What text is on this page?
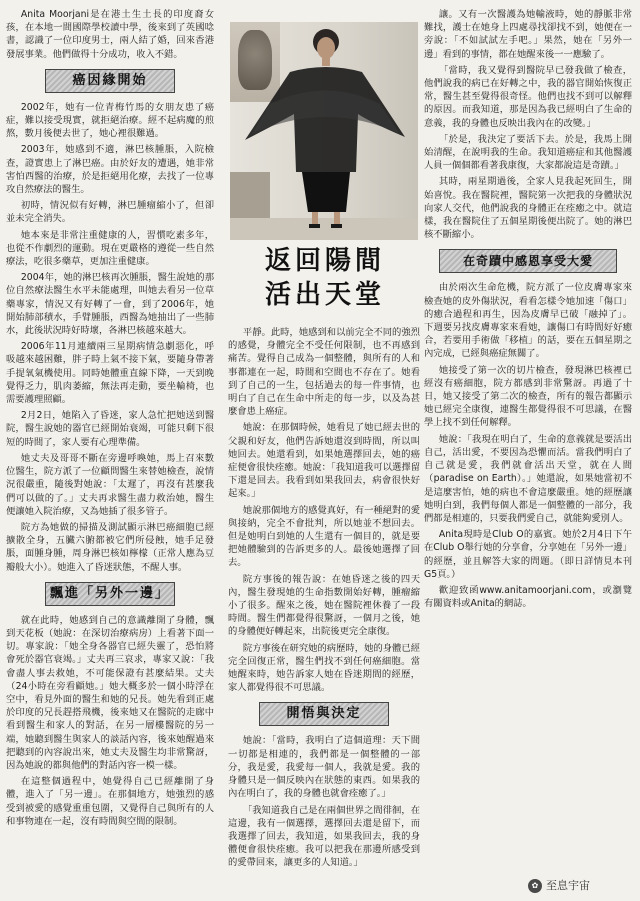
Anita Moorjani是在港土生土長的印度裔女孩，在本地一間國際學校讀中學，後來到了英國唸書，認識了一位印度男士，兩人結了婚，回來香港發展事業。他們做得十分成功，收入不錯。

癌因緣開始

2002年，她有一位青梅竹馬的女朋友患了癌症，難以接受現實，就拒絕治療。經不起病魔的煎熬，數月後便去世了，她心裡很難過。

2003年，她感到不適，淋巴核腫脹，入院檢查，證實患上了淋巴癌。由於好友的遭遇，她非常害怕西醫的治療，於是拒絕用化療，去找了一位專攻自然療法的醫生。

初時，情況似有好轉，淋巴腫瘤縮小了，但卻並未完全消失。

她本來是非常注重健康的人，習慣吃素多年，也從不作劇烈的運動。現在更嚴格的遵從一些自然療法，吃很多藥草，更加注重健康。

2004年，她的淋巴核再次腫脹，醫生說她的那位自然療法醫生水平未能處理，叫她去看另一位草藥專家，情況又有好轉了一會，到了2006年，她開始肺部積水，手臂腫脹，西醫為她抽出了一些肺水，此後狀況時好時壞，各淋巴核越來越大。

2006年11月連續兩三星期病情急劇惡化，呼吸越來越困難，胖子時上氣不接下氣，要隨身帶著手提氧氣機使用。同時她體重直線下降，一天到晚覺得乏力，肌肉萎縮，無法再走動，要坐輪椅，也需要護理照顧。

2月2日，她陷入了昏迷，家人急忙把她送到醫院，醫生說她的器官已經開始衰竭，可能只剩下很短的時間了，家人要有心理準備。

她丈夫及哥哥不斷在旁邊呼喚她，馬上召來數位醫生，院方派了一位顧問醫生來替她檢查，說情況很嚴重，隨後對她說：「太遲了，再沒有甚麼我們可以做的了。」丈夫再求醫生盡力救治她，醫生便讓她入院治療，又為她插了很多管子。

院方為她做的掃描及測試顯示淋巴癌細胞已經擴散全身，五臟六腑都被它們所侵蝕，她手足發脹，面腫身腫，周身淋巴核如檸檬（正常人應為豆瓣般大小）。她進入了昏迷狀態，不醒人事。

飄進「另外一邊」

就在此時，她感到自己的意識離開了身體，飄到天花板（她說：在深切治療病房）上看著下面一切。專家說：「她全身各器官已經失靈了，恐怕將會死於器官衰竭。」丈夫再三哀求，專家又說：「我會盡人事去救她，不可能保證有甚麼結果。丈夫（24小時在旁看顧她。」她大概多於一個小時浮在空中，看見外面的醫生和她的兄長。她先看到正處於印度的兄長趕搭飛機，後來她又在醫院的走廊中看到醫生和家人的對話，在另一層樓醫院的另一端，她聽到醫生與家人的談話內容，後來她醒過來把聽到的內容說出來，她丈夫及醫生均非常驚訝，因為她說的都與他們的對話內容一模一樣。

在這整個過程中，她覺得自己已經離開了身體，進入了「另一邊」。在那個地方，她強烈的感受到被愛的感覺重重包圍，又覺得自己與所有的人和事物連在一起，沒有時間與空間的限制。

返回陽間
活出天堂

平靜。此時，她感到和以前完全不同的強烈的感覺，身體完全不受任何限制，也不再感到痛苦。覺得自己成為一個整體，與所有的人和事都連在一起，時間和空間也不存在了。她看到了自己的一生，包括過去的每一件事情，也明白了自己在生命中所走的每一步，以及為甚麼會患上癌症。

她說：在那個時候，她看見了她已經去世的父親和好友，他們告訴她還沒到時間，所以叫她回去。她還看到，如果她選擇回去，她的癌症便會很快痊癒。她說：「我知道我可以選擇留下還是回去。我看到如果我回去，病會很快好起來。」

她說那個地方的感覺真好，有一種絕對的愛與接納，完全不會批判，所以她並不想回去。但是她明白到她的人生還有一個目的，就是要把她體驗到的告訴更多的人。最後她選擇了回去。

院方事後的報告說：在她昏迷之後的四天內，醫生發現她的生命指數開始好轉，腫瘤縮小了很多。醒來之後，她在醫院裡休養了一段時間。醫生們都覺得很驚訝，一個月之後，她的身體便好轉起來，出院後更完全康復。

院方事後在研究她的病歷時，她的身體已經完全回復正常，醫生們找不到任何癌細胞。當她醒來時，她告訴家人她在昏迷期間的經歷，家人都覺得很不可思議。

開悟與決定

她說：「當時，我明白了這個道理：天下間一切都是相連的，我們都是一個整體的一部分，我是愛，我愛每一個人，我就是愛。我的身體只是一個反映內在狀態的東西。如果我的內在明白了，我的身體也就會痊癒了。」

「我知道我自己是在兩個世界之間徘徊，在這邊，我有一個選擇，選擇回去還是留下，而我選擇了回去，我知道，如果我回去，我的身體便會很快痊癒。我可以把我在那邊所感受到的愛帶回來，讓更多的人知道。」

讓。又有一次醫護為她輸液時，她的靜脈非常難找，護士在她身上四處尋找卻找不到，她便在一旁說：「不如試試左手吧。」果然，她在「另外一邊」看到的事情，都在她醒來後一一應驗了。

「當時，我又覺得到醫院早已發我做了檢查，他們說我的病已在好轉之中，我的器官開始恢復正常，醫生甚至覺得很奇怪。他們也找不到可以解釋的原因。而我知道，那是因為我已經明白了生命的意義，我的身體也反映出我內在的改變。」

「於是，我決定了要活下去。於是，我馬上開始清醒，在說明我的生命。我知道癌症和其他醫護人員一個個都看著我康復，大家都說這是奇蹟。」

其時，兩星期過後，全家人見我起死回生，開始喜悅。我在醫院裡，醫院第一次把我的身體狀況向家人交代，他們說我的身體正在痊癒之中。就這樣，我在醫院住了五個星期後便出院了。她的淋巴核不斷縮小。

在奇蹟中感恩享受大愛

由於兩次生命危機，院方派了一位皮膚專家來檢查她的皮外傷狀況，看看怎樣令她加速「傷口」的癒合過程和再生，因為皮膚早已破「融掉了」。下週要另找皮膚專家來看她，讓傷口有時間好好癒合，若要用手術做「移植」的話，要在五個星期之內完成，已經與癌症無關了。

她接受了第一次的切片檢查，發現淋巴核裡已經沒有癌細胞，院方都感到非常驚訝。再過了十日，她又接受了第二次的檢查，所有的報告都顯示她已經完全康復，連醫生都覺得很不可思議，在醫學上找不到任何解釋。

她說：「我現在明白了，生命的意義就是要活出自己，活出愛，不要因為恐懼而活。當我們明白了自己就是愛，我們就會活出天堂，就在人間（paradise on Earth）。」她還說，如果她當初不是這麼害怕，她的病也不會這麼嚴重。她的經歷讓她明白到，我們每個人都是一個整體的一部分，我們都是相連的，只要我們愛自己，就能夠愛別人。

Anita現時是Club O的嘉賓。她於2月4日下午在Club O舉行她的分享會，分享她在「另外一邊」的經歷，並且解答大家的問題。（即日詳情見本刊G5頁。）

歡迎致函www.anitamoorjani.com，或瀏覽有關資料或Anita的網誌。

✿ 至息宇宙
